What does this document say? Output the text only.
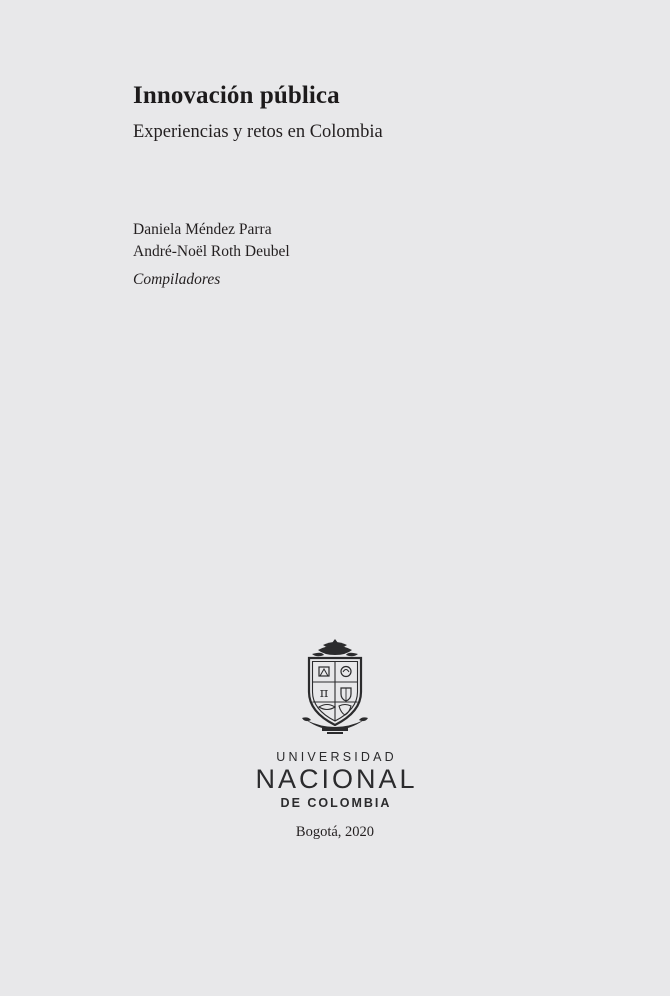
Innovación pública

Experiencias y retos en Colombia

Daniela Méndez Parra
André-Noël Roth Deubel
Compiladores
π
UNIVERSIDAD
NACIONAL
DE COLOMBIA
Bogotá, 2020
